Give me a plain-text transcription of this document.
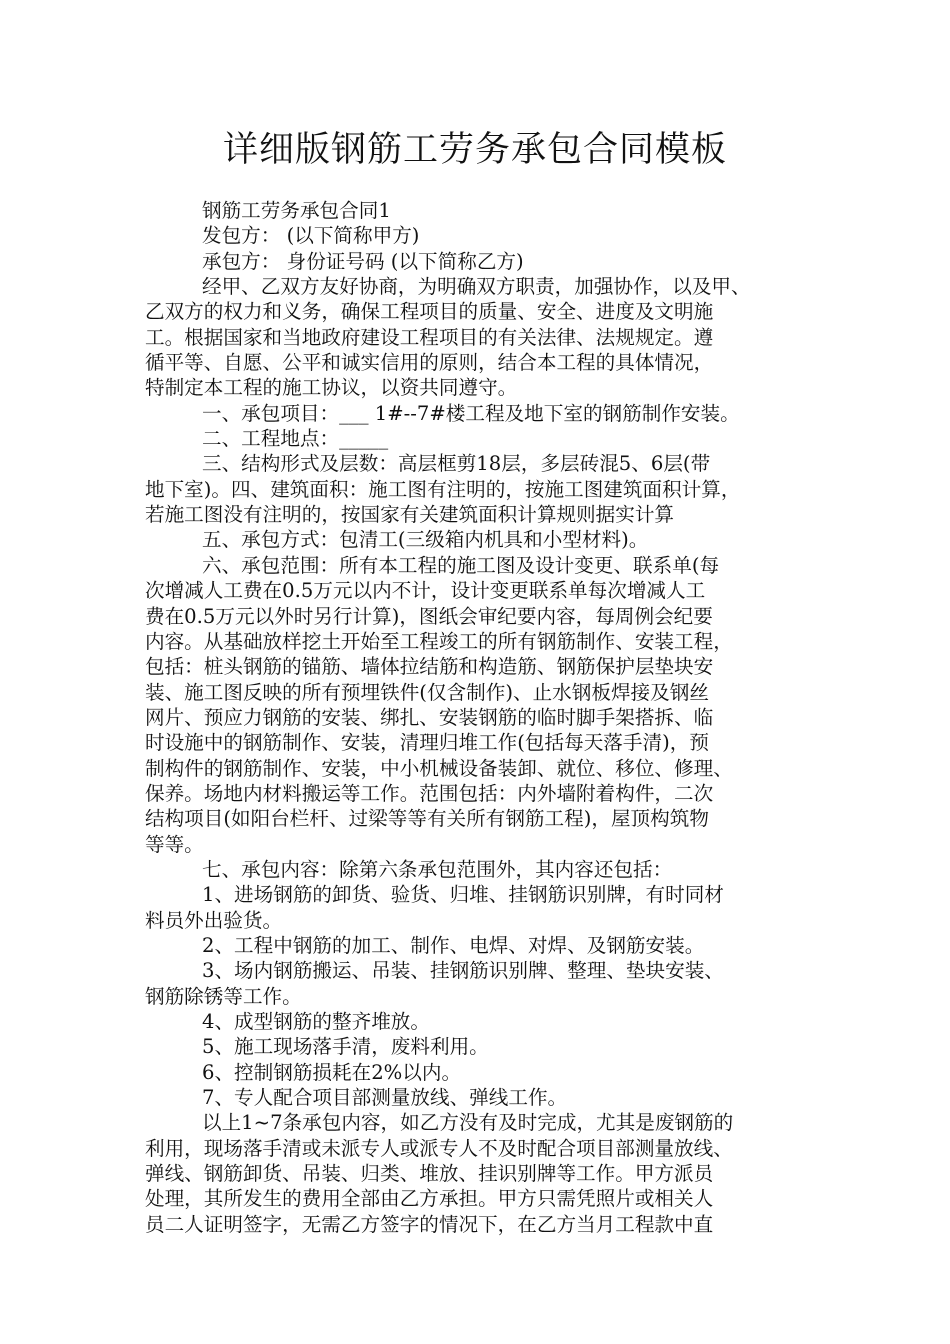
详细版钢筋工劳务承包合同模板
钢筋工劳务承包合同1
发包方： (以下简称甲方)
承包方： 身份证号码 (以下简称乙方)
经甲、乙双方友好协商，为明确双方职责，加强协作，以及甲、
乙双方的权力和义务，确保工程项目的质量、安全、进度及文明施
工。根据国家和当地政府建设工程项目的有关法律、法规规定。遵
循平等、自愿、公平和诚实信用的原则，结合本工程的具体情况，
特制定本工程的施工协议，以资共同遵守。
一、承包项目：___ 1#--7#楼工程及地下室的钢筋制作安装。
二、工程地点：_____
三、结构形式及层数：高层框剪18层，多层砖混5、6层(带
地下室)。四、建筑面积：施工图有注明的，按施工图建筑面积计算，
若施工图没有注明的，按国家有关建筑面积计算规则据实计算
五、承包方式：包清工(三级箱内机具和小型材料)。
六、承包范围：所有本工程的施工图及设计变更、联系单(每
次增减人工费在0.5万元以内不计，设计变更联系单每次增减人工
费在0.5万元以外时另行计算)，图纸会审纪要内容，每周例会纪要
内容。从基础放样挖土开始至工程竣工的所有钢筋制作、安装工程，
包括：桩头钢筋的锚筋、墙体拉结筋和构造筋、钢筋保护层垫块安
装、施工图反映的所有预埋铁件(仅含制作)、止水钢板焊接及钢丝
网片、预应力钢筋的安装、绑扎、安装钢筋的临时脚手架搭拆、临
时设施中的钢筋制作、安装，清理归堆工作(包括每天落手清)，预
制构件的钢筋制作、安装，中小机械设备装卸、就位、移位、修理、
保养。场地内材料搬运等工作。范围包括：内外墙附着构件，二次
结构项目(如阳台栏杆、过梁等等有关所有钢筋工程)，屋顶构筑物
等等。
七、承包内容：除第六条承包范围外，其内容还包括：
1、进场钢筋的卸货、验货、归堆、挂钢筋识别牌，有时同材
料员外出验货。
2、工程中钢筋的加工、制作、电焊、对焊、及钢筋安装。
3、场内钢筋搬运、吊装、挂钢筋识别牌、整理、垫块安装、
钢筋除锈等工作。
4、成型钢筋的整齐堆放。
5、施工现场落手清，废料利用。
6、控制钢筋损耗在2%以内。
7、专人配合项目部测量放线、弹线工作。
以上1~7条承包内容，如乙方没有及时完成，尤其是废钢筋的
利用，现场落手清或未派专人或派专人不及时配合项目部测量放线、
弹线、钢筋卸货、吊装、归类、堆放、挂识别牌等工作。甲方派员
处理，其所发生的费用全部由乙方承担。甲方只需凭照片或相关人
员二人证明签字，无需乙方签字的情况下，在乙方当月工程款中直
